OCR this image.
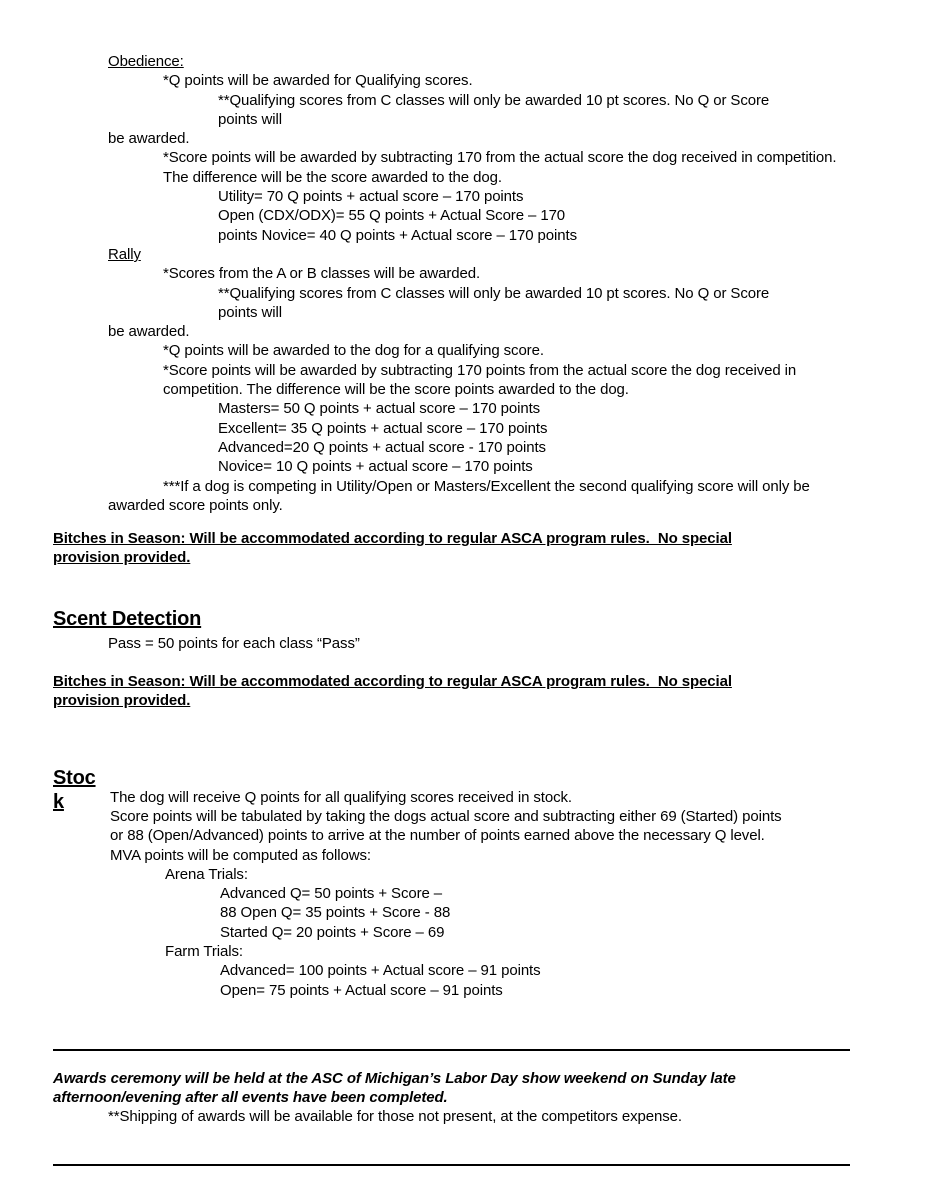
Obedience:
*Q points will be awarded for Qualifying scores.
**Qualifying scores from C classes will only be awarded 10 pt scores. No Q or Score
points will
be awarded.
*Score points will be awarded by subtracting 170 from the actual score the dog received in competition.
The difference will be the score awarded to the dog.
Utility= 70 Q points + actual score – 170 points
Open (CDX/ODX)= 55 Q points + Actual Score – 170
points Novice= 40 Q points + Actual score – 170 points
Rally
*Scores from the A or B classes will be awarded.
**Qualifying scores from C classes will only be awarded 10 pt scores. No Q or Score
points will
be awarded.
*Q points will be awarded to the dog for a qualifying score.
*Score points will be awarded by subtracting 170 points from the actual score the dog received in
competition. The difference will be the score points awarded to the dog.
Masters= 50 Q points + actual score – 170 points
Excellent= 35 Q points + actual score – 170 points
Advanced=20 Q points + actual score - 170 points
Novice= 10 Q points + actual score – 170 points
***If a dog is competing in Utility/Open or Masters/Excellent the second qualifying score will only be
awarded score points only.
Bitches in Season: Will be accommodated according to regular ASCA program rules.  No special
provision provided.
Scent Detection
Pass = 50 points for each class “Pass”
Bitches in Season: Will be accommodated according to regular ASCA program rules.  No special
provision provided.
Stoc
k	The dog will receive Q points for all qualifying scores received in stock.
Score points will be tabulated by taking the dogs actual score and subtracting either 69 (Started) points
or 88 (Open/Advanced) points to arrive at the number of points earned above the necessary Q level.
MVA points will be computed as follows:
Arena Trials:
Advanced Q= 50 points + Score –
88 Open Q= 35 points + Score - 88
Started Q= 20 points + Score – 69
Farm Trials:
Advanced= 100 points + Actual score – 91 points
Open= 75 points + Actual score – 91 points
Awards ceremony will be held at the ASC of Michigan’s Labor Day show weekend on Sunday late
afternoon/evening after all events have been completed.
**Shipping of awards will be available for those not present, at the competitors expense.
